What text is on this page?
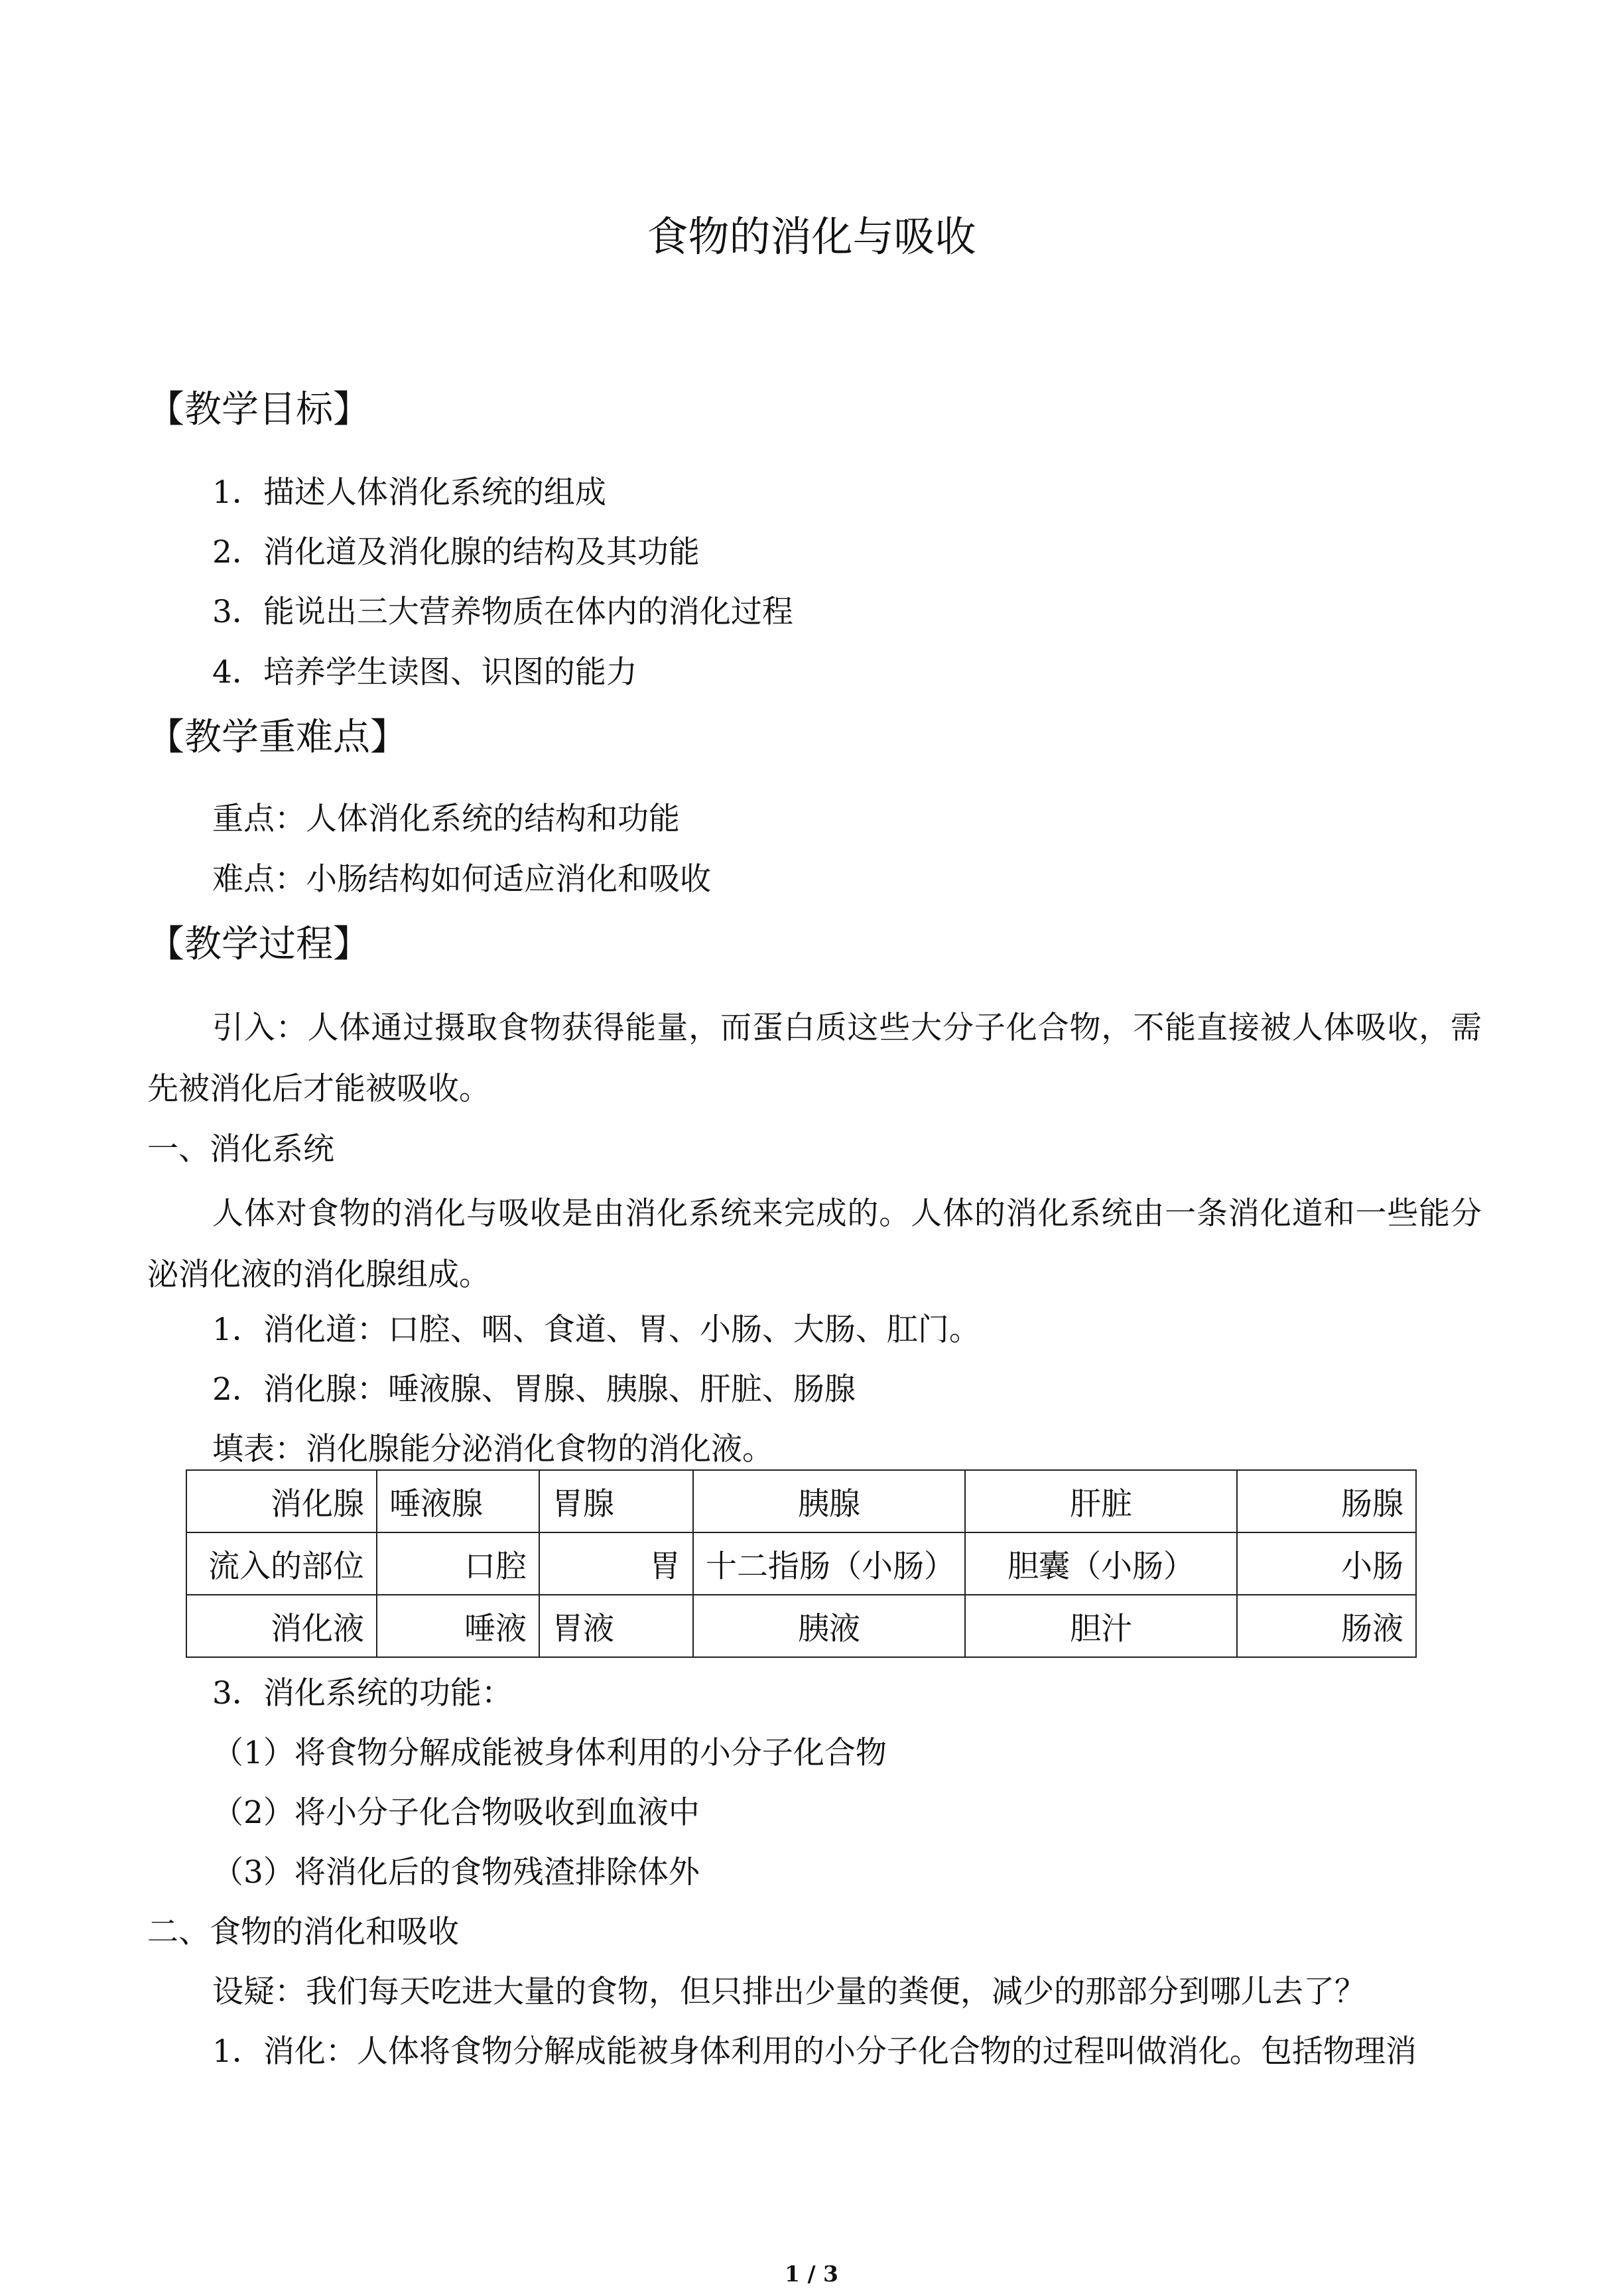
食物的消化与吸收
【教学目标】
1．描述人体消化系统的组成
2．消化道及消化腺的结构及其功能
3．能说出三大营养物质在体内的消化过程
4．培养学生读图、识图的能力
【教学重难点】
重点：人体消化系统的结构和功能
难点：小肠结构如何适应消化和吸收
【教学过程】
引入：人体通过摄取食物获得能量，而蛋白质这些大分子化合物，不能直接被人体吸收，需先被消化后才能被吸收。
一、消化系统
人体对食物的消化与吸收是由消化系统来完成的。人体的消化系统由一条消化道和一些能分泌消化液的消化腺组成。
1．消化道：口腔、咽、食道、胃、小肠、大肠、肛门。
2．消化腺：唾液腺、胃腺、胰腺、肝脏、肠腺
填表：消化腺能分泌消化食物的消化液。
消化腺	唾液腺	胃腺	胰腺	肝脏	肠腺
流入的部位	口腔	胃	十二指肠（小肠）	胆囊（小肠）	小肠
消化液	唾液	胃液	胰液	胆汁	肠液
3．消化系统的功能：
（1）将食物分解成能被身体利用的小分子化合物
（2）将小分子化合物吸收到血液中
（3）将消化后的食物残渣排除体外
二、食物的消化和吸收
设疑：我们每天吃进大量的食物，但只排出少量的粪便，减少的那部分到哪儿去了？
1．消化：人体将食物分解成能被身体利用的小分子化合物的过程叫做消化。包括物理消
1 / 3
